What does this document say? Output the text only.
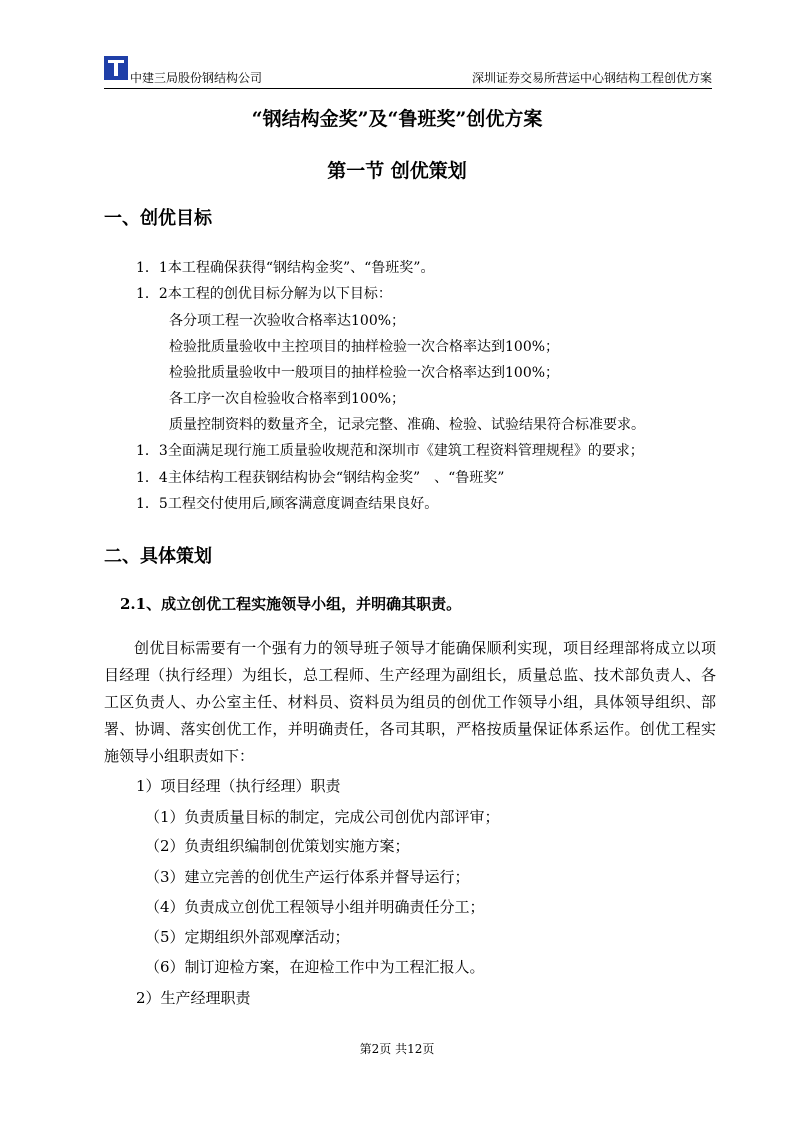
中建三局股份钢结构公司	深圳证券交易所营运中心钢结构工程创优方案
“钢结构金奖”及“鲁班奖”创优方案
第一节 创优策划
一、创优目标
1．1本工程确保获得“钢结构金奖”、“鲁班奖”。
1．2本工程的创优目标分解为以下目标：
各分项工程一次验收合格率达100%；
检验批质量验收中主控项目的抽样检验一次合格率达到100%；
检验批质量验收中一般项目的抽样检验一次合格率达到100%；
各工序一次自检验收合格率到100%；
质量控制资料的数量齐全，记录完整、准确、检验、试验结果符合标准要求。
1．3全面满足现行施工质量验收规范和深圳市《建筑工程资料管理规程》的要求；
1．4主体结构工程获钢结构协会“钢结构金奖”　、“鲁班奖”
1．5工程交付使用后,顾客满意度调查结果良好。
二、具体策划
2.1、成立创优工程实施领导小组，并明确其职责。

创优目标需要有一个强有力的领导班子领导才能确保顺利实现，项目经理部将成立以项目经理（执行经理）为组长，总工程师、生产经理为副组长，质量总监、技术部负责人、各工区负责人、办公室主任、材料员、资料员为组员的创优工作领导小组，具体领导组织、部署、协调、落实创优工作，并明确责任，各司其职，严格按质量保证体系运作。创优工程实施领导小组职责如下：

1）项目经理（执行经理）职责
（1）负责质量目标的制定，完成公司创优内部评审；
（2）负责组织编制创优策划实施方案；
（3）建立完善的创优生产运行体系并督导运行；
（4）负责成立创优工程领导小组并明确责任分工；
（5）定期组织外部观摩活动；
（6）制订迎检方案，在迎检工作中为工程汇报人。
2）生产经理职责
第2页 共12页
